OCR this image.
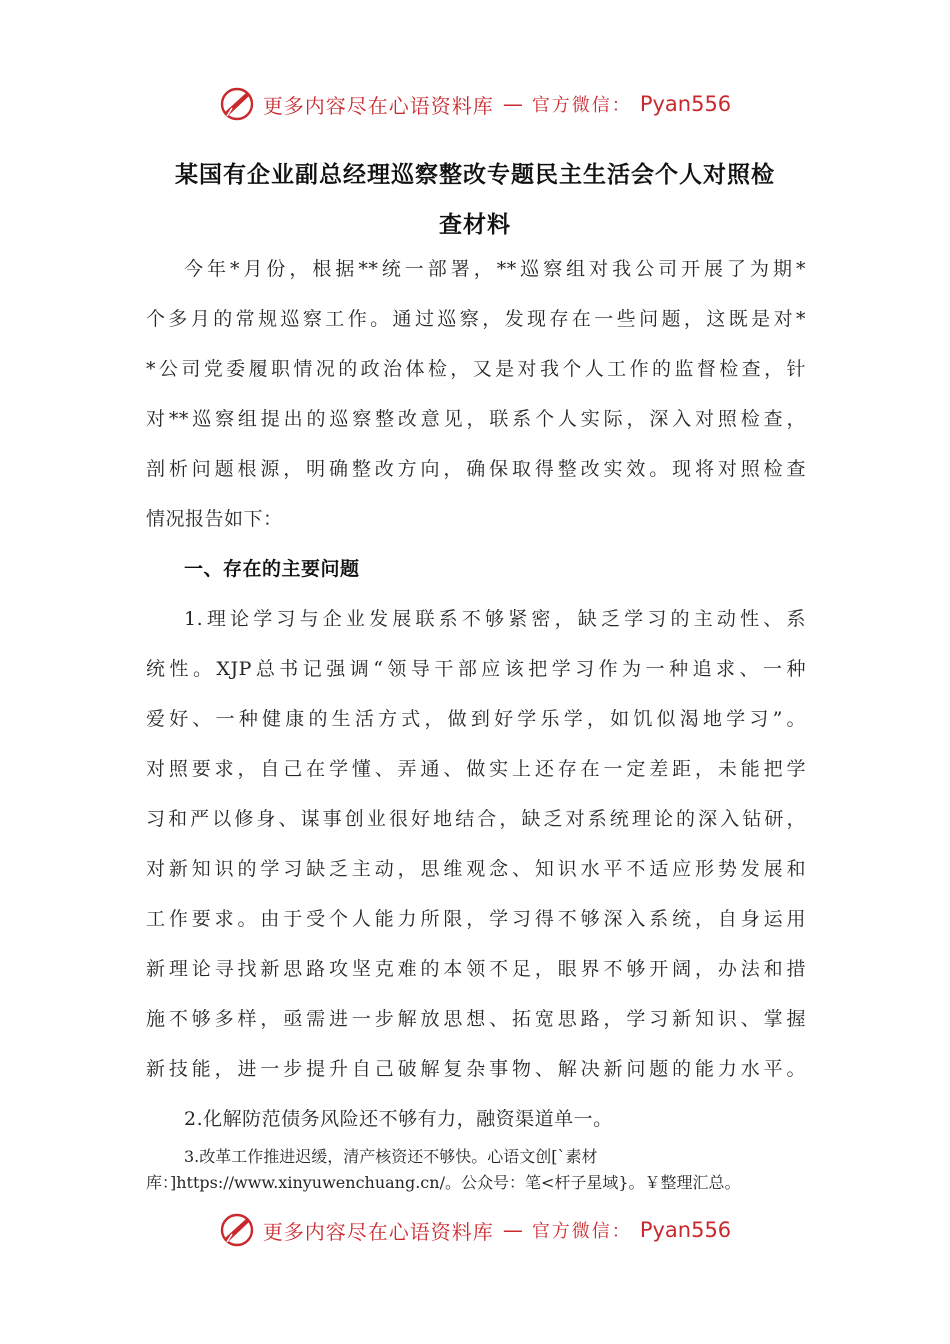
更多内容尽在心语资料库 — 官方微信： Pyan556
某国有企业副总经理巡察整改专题民主生活会个人对照检
查材料
今年*月份，根据**统一部署，**巡察组对我公司开展了为期*
个多月的常规巡察工作。通过巡察，发现存在一些问题，这既是对*
*公司党委履职情况的政治体检，又是对我个人工作的监督检查，针
对**巡察组提出的巡察整改意见，联系个人实际，深入对照检查，
剖析问题根源，明确整改方向，确保取得整改实效。现将对照检查
情况报告如下：
一、存在的主要问题
1.理论学习与企业发展联系不够紧密，缺乏学习的主动性、系
统性。XJP总书记强调“领导干部应该把学习作为一种追求、一种
爱好、一种健康的生活方式，做到好学乐学，如饥似渴地学习”。
对照要求，自己在学懂、弄通、做实上还存在一定差距，未能把学
习和严以修身、谋事创业很好地结合，缺乏对系统理论的深入钻研，
对新知识的学习缺乏主动，思维观念、知识水平不适应形势发展和
工作要求。由于受个人能力所限，学习得不够深入系统，自身运用
新理论寻找新思路攻坚克难的本领不足，眼界不够开阔，办法和措
施不够多样，亟需进一步解放思想、拓宽思路，学习新知识、掌握
新技能，进一步提升自己破解复杂事物、解决新问题的能力水平。
2.化解防范债务风险还不够有力，融资渠道单一。
3.改革工作推进迟缓，清产核资还不够快。心语文创[`素材
库：]https://www.xinyuwenchuang.cn/。公众号：笔<杆子星域}。￥整理汇总。
更多内容尽在心语资料库 — 官方微信： Pyan556
